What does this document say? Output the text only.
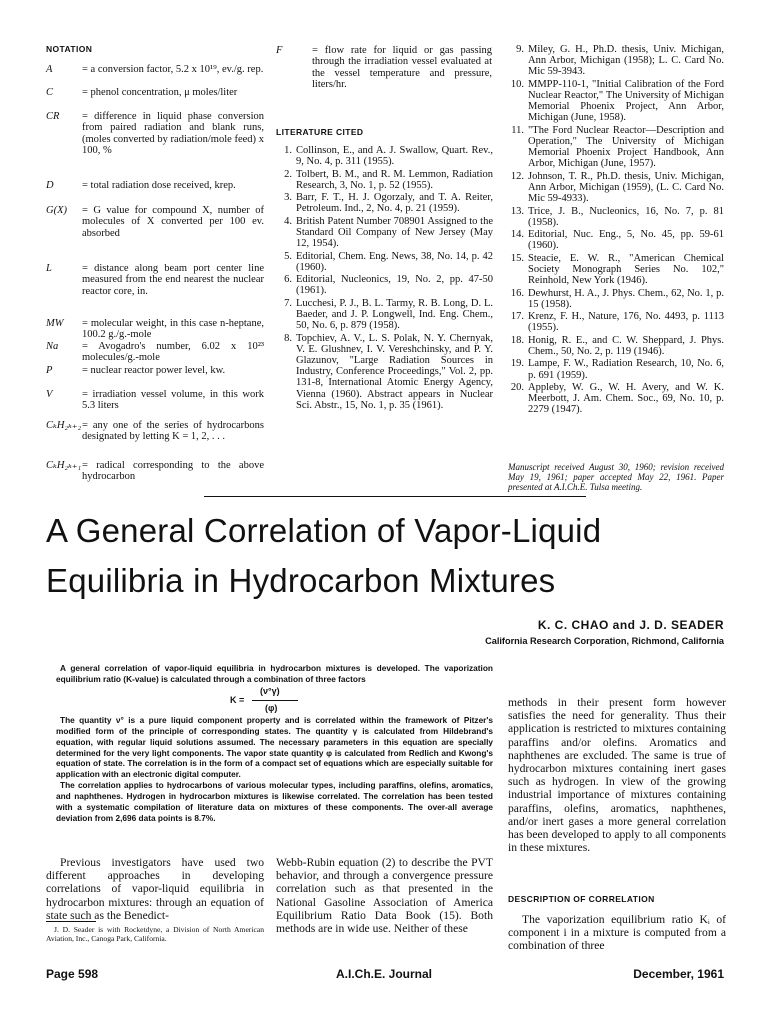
NOTATION
A	= a conversion factor, 5.2 x 10¹⁹, ev./g. rep.
C	= phenol concentration, μ moles/liter
CR	= difference in liquid phase conversion from paired radiation and blank runs, (moles converted by radiation/mole feed) x 100, %
D	= total radiation dose received, krep.
G(X)	= G value for compound X, number of molecules of X converted per 100 ev. absorbed
L	= distance along beam port center line measured from the end nearest the nuclear reactor core, in.
MW	= molecular weight, in this case n-heptane, 100.2 g./g.-mole
Na	= Avogadro's number, 6.02 x 10²³ molecules/g.-mole
P	= nuclear reactor power level, kw.
V	= irradiation vessel volume, in this work 5.3 liters
CₖH₂ₖ₊₂ = any one of the series of hydrocarbons designated by letting K = 1, 2, . . .
CₖH₂ₖ₊₁ = radical corresponding to the above hydrocarbon
F	= flow rate for liquid or gas passing through the irradiation vessel evaluated at the vessel temperature and pressure, liters/hr.
LITERATURE CITED
1. Collinson, E., and A. J. Swallow, Quart. Rev., 9, No. 4, p. 311 (1955).
2. Tolbert, B. M., and R. M. Lemmon, Radiation Research, 3, No. 1, p. 52 (1955).
3. Barr, F. T., H. J. Ogorzaly, and T. A. Reiter, Petroleum. Ind., 2, No. 4, p. 21 (1959).
4. British Patent Number 708901 Assigned to the Standard Oil Company of New Jersey (May 12, 1954).
5. Editorial, Chem. Eng. News, 38, No. 14, p. 42 (1960).
6. Editorial, Nucleonics, 19, No. 2, pp. 47-50 (1961).
7. Lucchesi, P. J., B. L. Tarmy, R. B. Long, D. L. Baeder, and J. P. Longwell, Ind. Eng. Chem., 50, No. 6, p. 879 (1958).
8. Topchiev, A. V., L. S. Polak, N. Y. Chernyak, V. E. Glushnev, I. V. Vereshchinsky, and P. Y. Glazunov, "Large Radiation Sources in Industry, Conference Proceedings," Vol. 2, pp. 131-8, International Atomic Energy Agency, Vienna (1960). Abstract appears in Nuclear Sci. Abstr., 15, No. 1, p. 35 (1961).
9. Miley, G. H., Ph.D. thesis, Univ. Michigan, Ann Arbor, Michigan (1958); L. C. Card No. Mic 59-3943.
10. MMPP-110-1, "Initial Calibration of the Ford Nuclear Reactor," The University of Michigan Memorial Phoenix Project, Ann Arbor, Michigan (June, 1958).
11. "The Ford Nuclear Reactor—Description and Operation," The University of Michigan Memorial Phoenix Project Handbook, Ann Arbor, Michigan (June, 1957).
12. Johnson, T. R., Ph.D. thesis, Univ. Michigan, Ann Arbor, Michigan (1959), (L. C. Card No. Mic 59-4933).
13. Trice, J. B., Nucleonics, 16, No. 7, p. 81 (1958).
14. Editorial, Nuc. Eng., 5, No. 45, pp. 59-61 (1960).
15. Steacie, E. W. R., "American Chemical Society Monograph Series No. 102," Reinhold, New York (1946).
16. Dewhurst, H. A., J. Phys. Chem., 62, No. 1, p. 15 (1958).
17. Krenz, F. H., Nature, 176, No. 4493, p. 1113 (1955).
18. Honig, R. E., and C. W. Sheppard, J. Phys. Chem., 50, No. 2, p. 119 (1946).
19. Lampe, F. W., Radiation Research, 10, No. 6, p. 691 (1959).
20. Appleby, W. G., W. H. Avery, and W. K. Meerbott, J. Am. Chem. Soc., 69, No. 10, p. 2279 (1947).
Manuscript received August 30, 1960; revision received May 19, 1961; paper accepted May 22, 1961. Paper presented at A.I.Ch.E. Tulsa meeting.
A General Correlation of Vapor-Liquid
Equilibria in Hydrocarbon Mixtures
K. C. CHAO and J. D. SEADER
California Research Corporation, Richmond, California
A general correlation of vapor-liquid equilibria in hydrocarbon mixtures is developed. The vaporization equilibrium ratio (K-value) is calculated through a combination of three factors
K =
(ν°γ)
(φ)
The quantity ν° is a pure liquid component property and is correlated within the framework of Pitzer's modified form of the principle of corresponding states. The quantity γ is calculated from Hildebrand's equation, with regular liquid solutions assumed. The necessary parameters in this equation are specially determined for the very light components. The vapor state quantity φ is calculated from Redlich and Kwong's equation of state. The correlation is in the form of a compact set of equations which are especially suitable for application with an electronic digital computer.
The correlation applies to hydrocarbons of various molecular types, including paraffins, olefins, aromatics, and naphthenes. Hydrogen in hydrocarbon mixtures is likewise correlated. The correlation has been tested with a systematic compilation of literature data on mixtures of these components. The over-all average deviation from 2,696 data points is 8.7%.
Previous investigators have used two different approaches in developing correlations of vapor-liquid equilibria in hydrocarbon mixtures: through an equation of state such as the Benedict-
J. D. Seader is with Rocketdyne, a Division of North American Aviation, Inc., Canoga Park, California.
Webb-Rubin equation (2) to describe the PVT behavior, and through a convergence pressure correlation such as that presented in the National Gasoline Association of America Equilibrium Ratio Data Book (15). Both methods are in wide use. Neither of these
methods in their present form however satisfies the need for generality. Thus their application is restricted to mixtures containing paraffins and/or olefins. Aromatics and naphthenes are excluded. The same is true of hydrocarbon mixtures containing inert gases such as hydrogen. In view of the growing industrial importance of mixtures containing paraffins, olefins, aromatics, naphthenes, and/or inert gases a more general correlation has been developed to apply to all components in these mixtures.
DESCRIPTION OF CORRELATION
The vaporization equilibrium ratio Kᵢ of component i in a mixture is computed from a combination of three
Page 598	A.I.Ch.E. Journal	December, 1961
